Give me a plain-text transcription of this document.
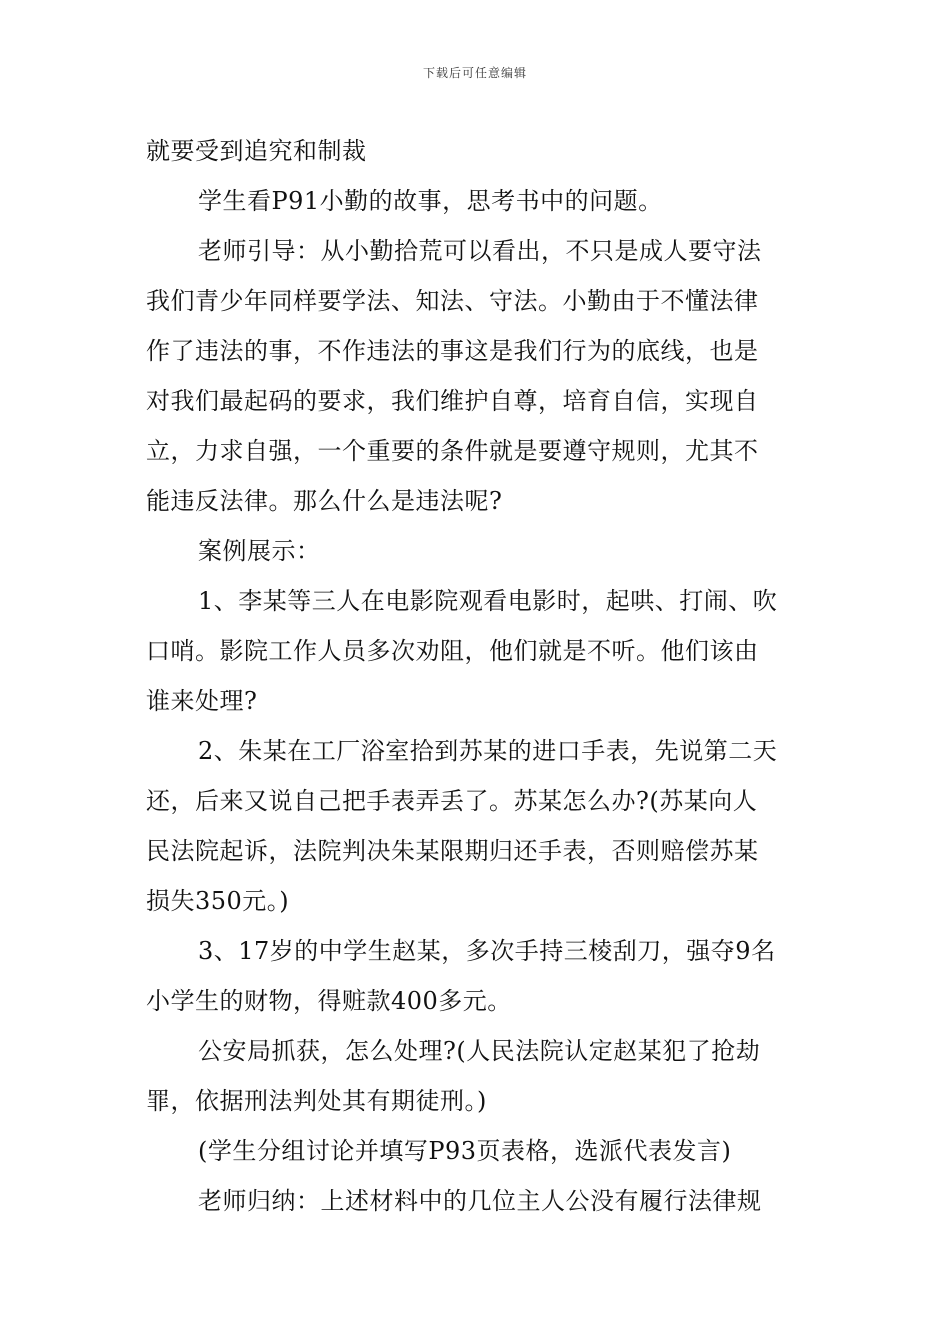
下载后可任意编辑
就要受到追究和制裁
学生看P91小勤的故事，思考书中的问题。
老师引导：从小勤拾荒可以看出，不只是成人要守法
我们青少年同样要学法、知法、守法。小勤由于不懂法律
作了违法的事，不作违法的事这是我们行为的底线，也是
对我们最起码的要求，我们维护自尊，培育自信，实现自
立，力求自强，一个重要的条件就是要遵守规则，尤其不
能违反法律。那么什么是违法呢?
案例展示：
1、李某等三人在电影院观看电影时，起哄、打闹、吹
口哨。影院工作人员多次劝阻，他们就是不听。他们该由
谁来处理?
2、朱某在工厂浴室拾到苏某的进口手表，先说第二天
还，后来又说自己把手表弄丢了。苏某怎么办?(苏某向人
民法院起诉，法院判决朱某限期归还手表，否则赔偿苏某
损失350元。)
3、17岁的中学生赵某，多次手持三棱刮刀，强夺9名
小学生的财物，得赃款400多元。
公安局抓获，怎么处理?(人民法院认定赵某犯了抢劫
罪，依据刑法判处其有期徒刑。)
(学生分组讨论并填写P93页表格，选派代表发言)
老师归纳：上述材料中的几位主人公没有履行法律规
